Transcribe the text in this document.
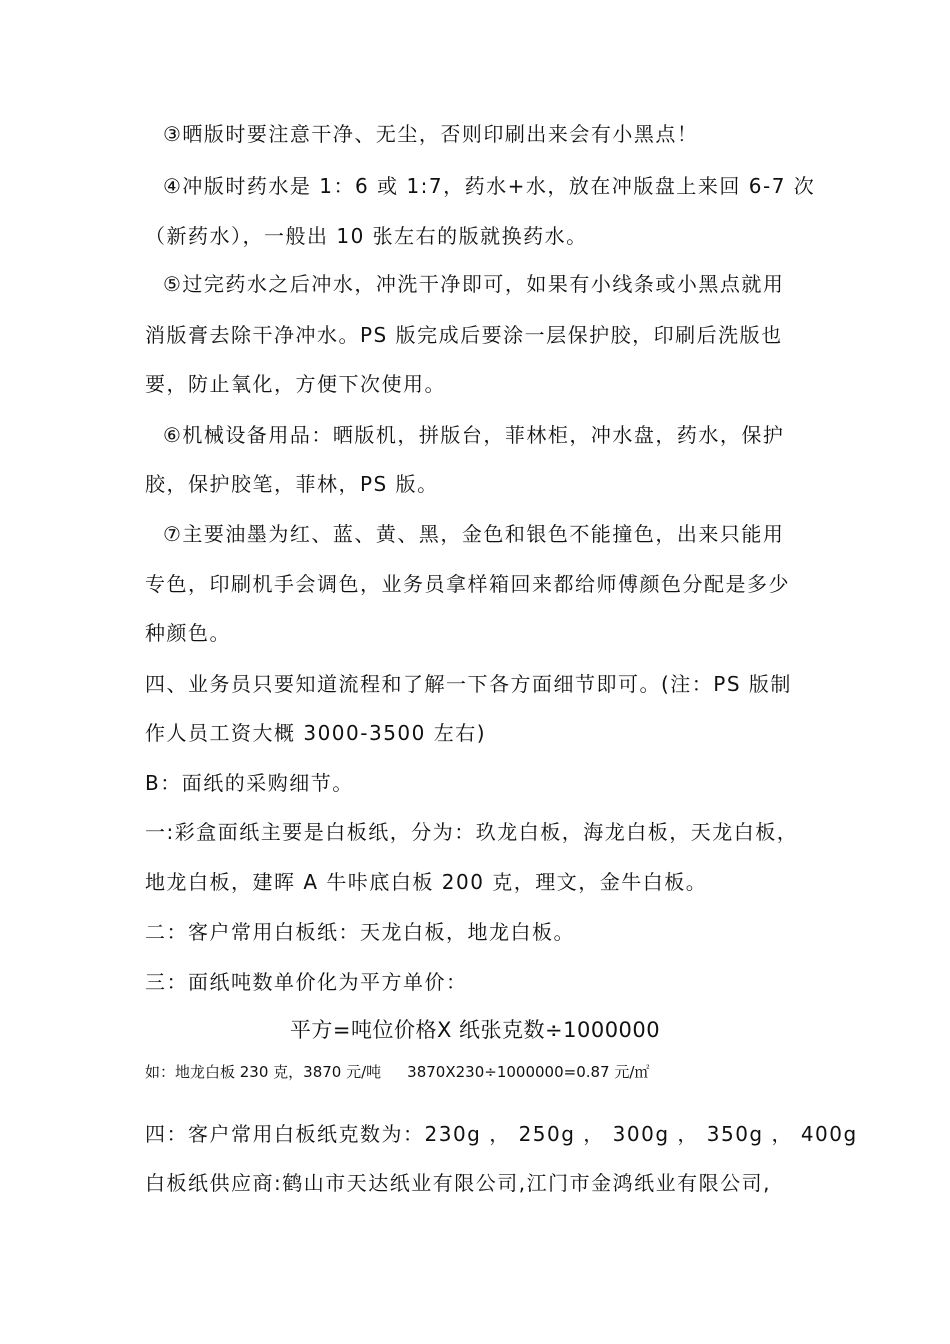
③晒版时要注意干净、无尘，否则印刷出来会有小黑点！
④冲版时药水是 1：6 或 1:7，药水+水，放在冲版盘上来回 6-7 次
（新药水），一般出 10 张左右的版就换药水。
⑤过完药水之后冲水，冲洗干净即可，如果有小线条或小黑点就用
消版膏去除干净冲水。PS 版完成后要涂一层保护胶，印刷后洗版也
要，防止氧化，方便下次使用。
⑥机械设备用品：晒版机，拼版台，菲林柜，冲水盘，药水，保护
胶，保护胶笔，菲林，PS 版。
⑦主要油墨为红、蓝、黄、黑，金色和银色不能撞色，出来只能用
专色，印刷机手会调色，业务员拿样箱回来都给师傅颜色分配是多少
种颜色。
四、业务员只要知道流程和了解一下各方面细节即可。(注：PS 版制
作人员工资大概 3000-3500 左右)
B：面纸的采购细节。
一:彩盒面纸主要是白板纸，分为：玖龙白板，海龙白板，天龙白板，
地龙白板，建晖 A 牛咔底白板 200 克，理文，金牛白板。
二：客户常用白板纸：天龙白板，地龙白板。
三：面纸吨数单价化为平方单价：
平方=吨位价格X 纸张克数÷1000000
如：地龙白板 230 克，3870 元/吨 3870X230÷1000000=0.87 元/㎡
四：客户常用白板纸克数为：230g ， 250g ， 300g ， 350g ， 400g
白板纸供应商:鹤山市天达纸业有限公司,江门市金鸿纸业有限公司,
